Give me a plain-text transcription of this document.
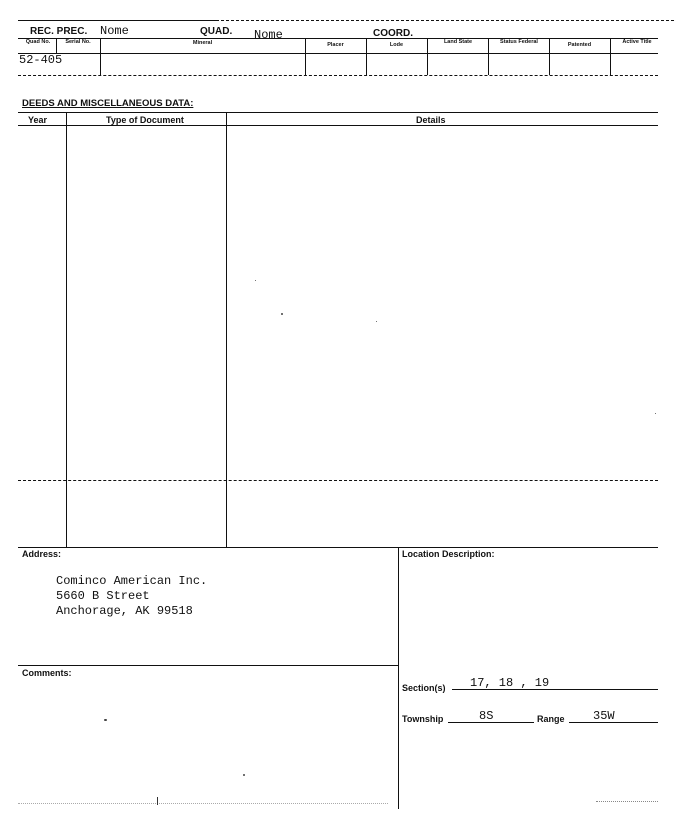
REC. PREC. Nome	QUAD. Nome	COORD.
Quad No.	Serial No.	Mineral	Placer	Lode	Land State	Status Federal	Patented	Active Title
52-405
DEEDS AND MISCELLANEOUS DATA:
Year	Type of Document	Details
Address:
Cominco American Inc.
5660 B Street
Anchorage, AK 99518
Location Description:
Section(s) 17, 18 , 19
Township	8S	Range 35W
Comments:
